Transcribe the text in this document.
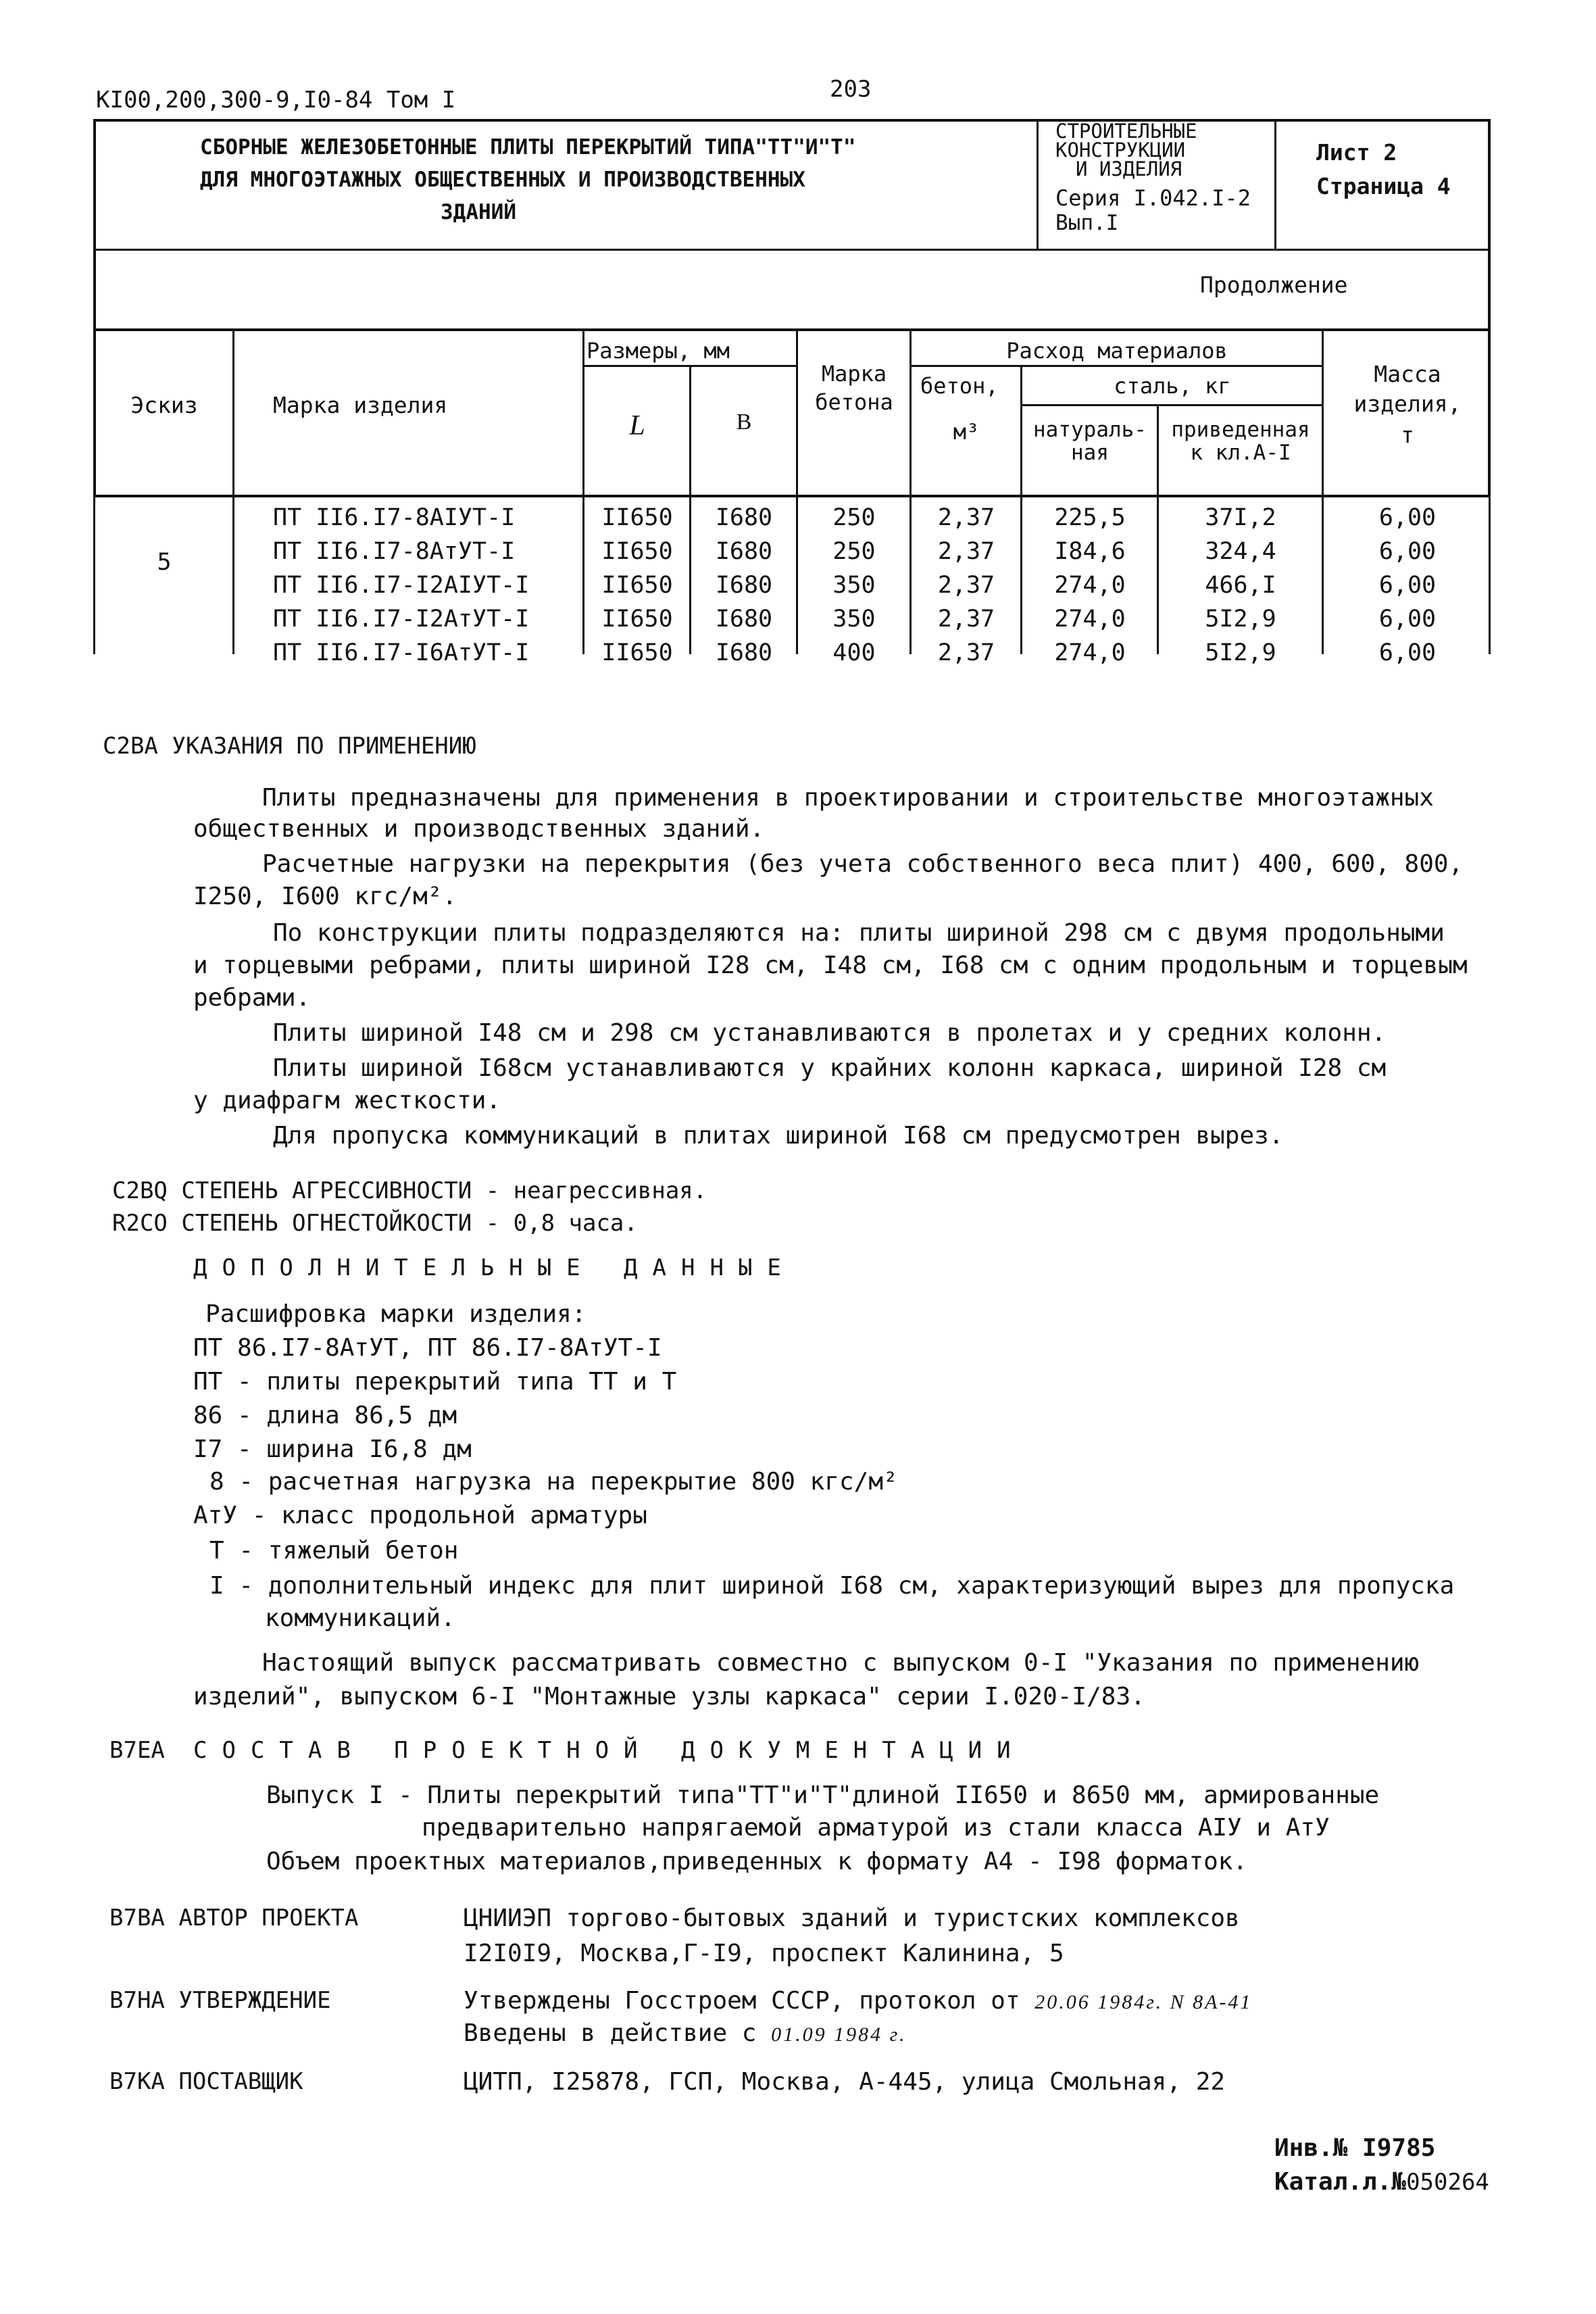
КI00,200,300-9,I0-84 Том I	203
СБОРНЫЕ ЖЕЛЕЗОБЕТОННЫЕ ПЛИТЫ ПЕРЕКРЫТИЙ ТИПА"ТТ"И"Т"
ДЛЯ МНОГОЭТАЖНЫХ ОБЩЕСТВЕННЫХ И ПРОИЗВОДСТВЕННЫХ
ЗДАНИЙ
СТРОИТЕЛЬНЫЕ
КОНСТРУКЦИИ
И ИЗДЕЛИЯ
Серия I.042.I-2
Вып.I
Лист 2
Страница 4
Продолжение
Эскиз	Марка изделия
Размеры, мм
L	B
Марка
бетона
Расход материалов
бетон,
м³
сталь, кг
натураль-
ная
приведенная
к кл.А-I
Масса
изделия,
т
5
ПТ II6.I7-8АIУТ-I	II650	I680	250	2,37	225,5	37I,2	6,00
ПТ II6.I7-8АтУТ-I	II650	I680	250	2,37	I84,6	324,4	6,00
ПТ II6.I7-I2АIУТ-I	II650	I680	350	2,37	274,0	466,I	6,00
ПТ II6.I7-I2АтУТ-I	II650	I680	350	2,37	274,0	5I2,9	6,00
ПТ II6.I7-I6АтУТ-I	II650	I680	400	2,37	274,0	5I2,9	6,00
C2BA УКАЗАНИЯ ПО ПРИМЕНЕНИЮ
Плиты предназначены для применения в проектировании и строительстве многоэтажных
общественных и производственных зданий.
Расчетные нагрузки на перекрытия (без учета собственного веса плит) 400, 600, 800,
I250, I600 кгс/м².
По конструкции плиты подразделяются на: плиты шириной 298 см с двумя продольными
и торцевыми ребрами, плиты шириной I28 см, I48 см, I68 см с одним продольным и торцевым
ребрами.
Плиты шириной I48 см и 298 см устанавливаются в пролетах и у средних колонн.
Плиты шириной I68см устанавливаются у крайних колонн каркаса, шириной I28 см
у диафрагм жесткости.
Для пропуска коммуникаций в плитах шириной I68 см предусмотрен вырез.
C2BQ СТЕПЕНЬ АГРЕССИВНОСТИ - неагрессивная.
R2CO СТЕПЕНЬ ОГНЕСТОЙКОСТИ - 0,8 часа.
ДОПОЛНИТЕЛЬНЫЕ ДАННЫЕ
Расшифровка марки изделия:
ПТ 86.I7-8АтУТ, ПТ 86.I7-8АтУТ-I
ПТ - плиты перекрытий типа ТТ и Т
86 - длина 86,5 дм
I7 - ширина I6,8 дм
8 - расчетная нагрузка на перекрытие 800 кгс/м²
АтУ - класс продольной арматуры
Т - тяжелый бетон
I - дополнительный индекс для плит шириной I68 см, характеризующий вырез для пропуска
коммуникаций.
Настоящий выпуск рассматривать совместно с выпуском 0-I "Указания по применению
изделий", выпуском 6-I "Монтажные узлы каркаса" серии I.020-I/83.
B7EA СОСТАВ ПРОЕКТНОЙ ДОКУМЕНТАЦИИ
Выпуск I - Плиты перекрытий типа"ТТ"и"Т"длиной II650 и 8650 мм, армированные
предварительно напрягаемой арматурой из стали класса АIУ и АтУ
Объем проектных материалов,приведенных к формату А4 - I98 форматок.
B7BA АВТОР ПРОЕКТА	ЦНИИЭП торгово-бытовых зданий и туристских комплексов
I2I0I9, Москва,Г-I9, проспект Калинина, 5
B7HA УТВЕРЖДЕНИЕ	Утверждены Госстроем СССР, протокол от 20.06 1984г. N 8А-41
Введены в действие с 01.09 1984 г.
B7KA ПОСТАВЩИК	ЦИТП, I25878, ГСП, Москва, А-445, улица Смольная, 22
Инв.№ I9785
Катал.л.№050264
